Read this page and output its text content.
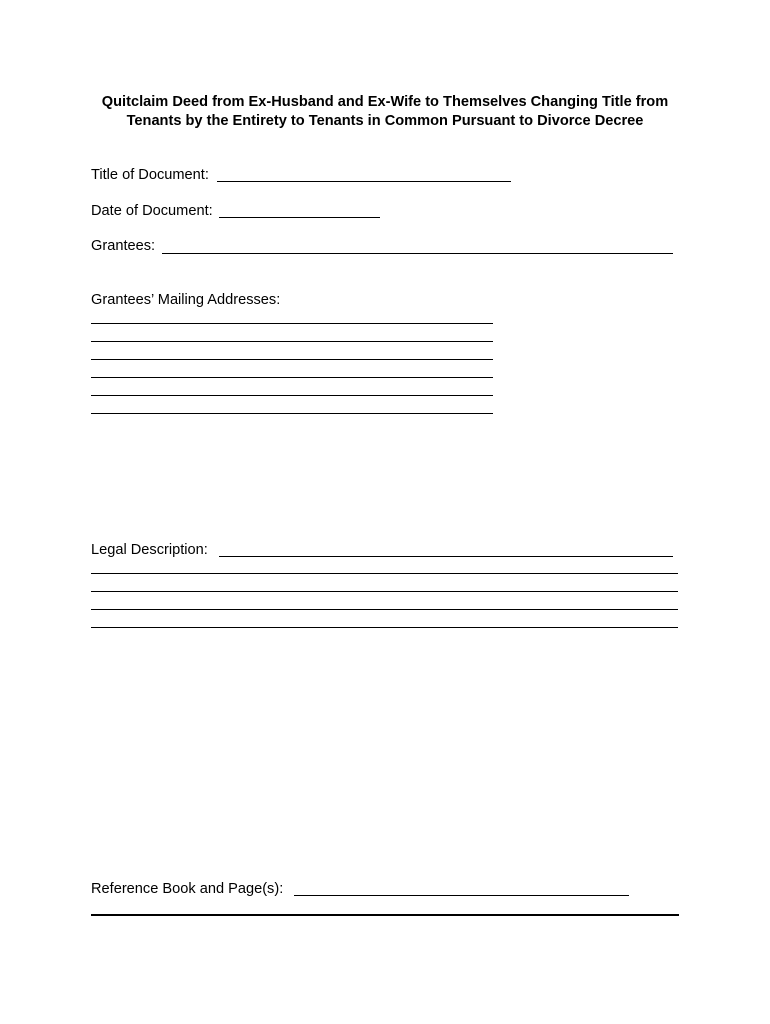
Quitclaim Deed from Ex-Husband and Ex-Wife to Themselves Changing Title from
Tenants by the Entirety to Tenants in Common Pursuant to Divorce Decree
Title of Document:
Date of Document:
Grantees:
Grantees’ Mailing Addresses:
Legal Description:
Reference Book and Page(s):
